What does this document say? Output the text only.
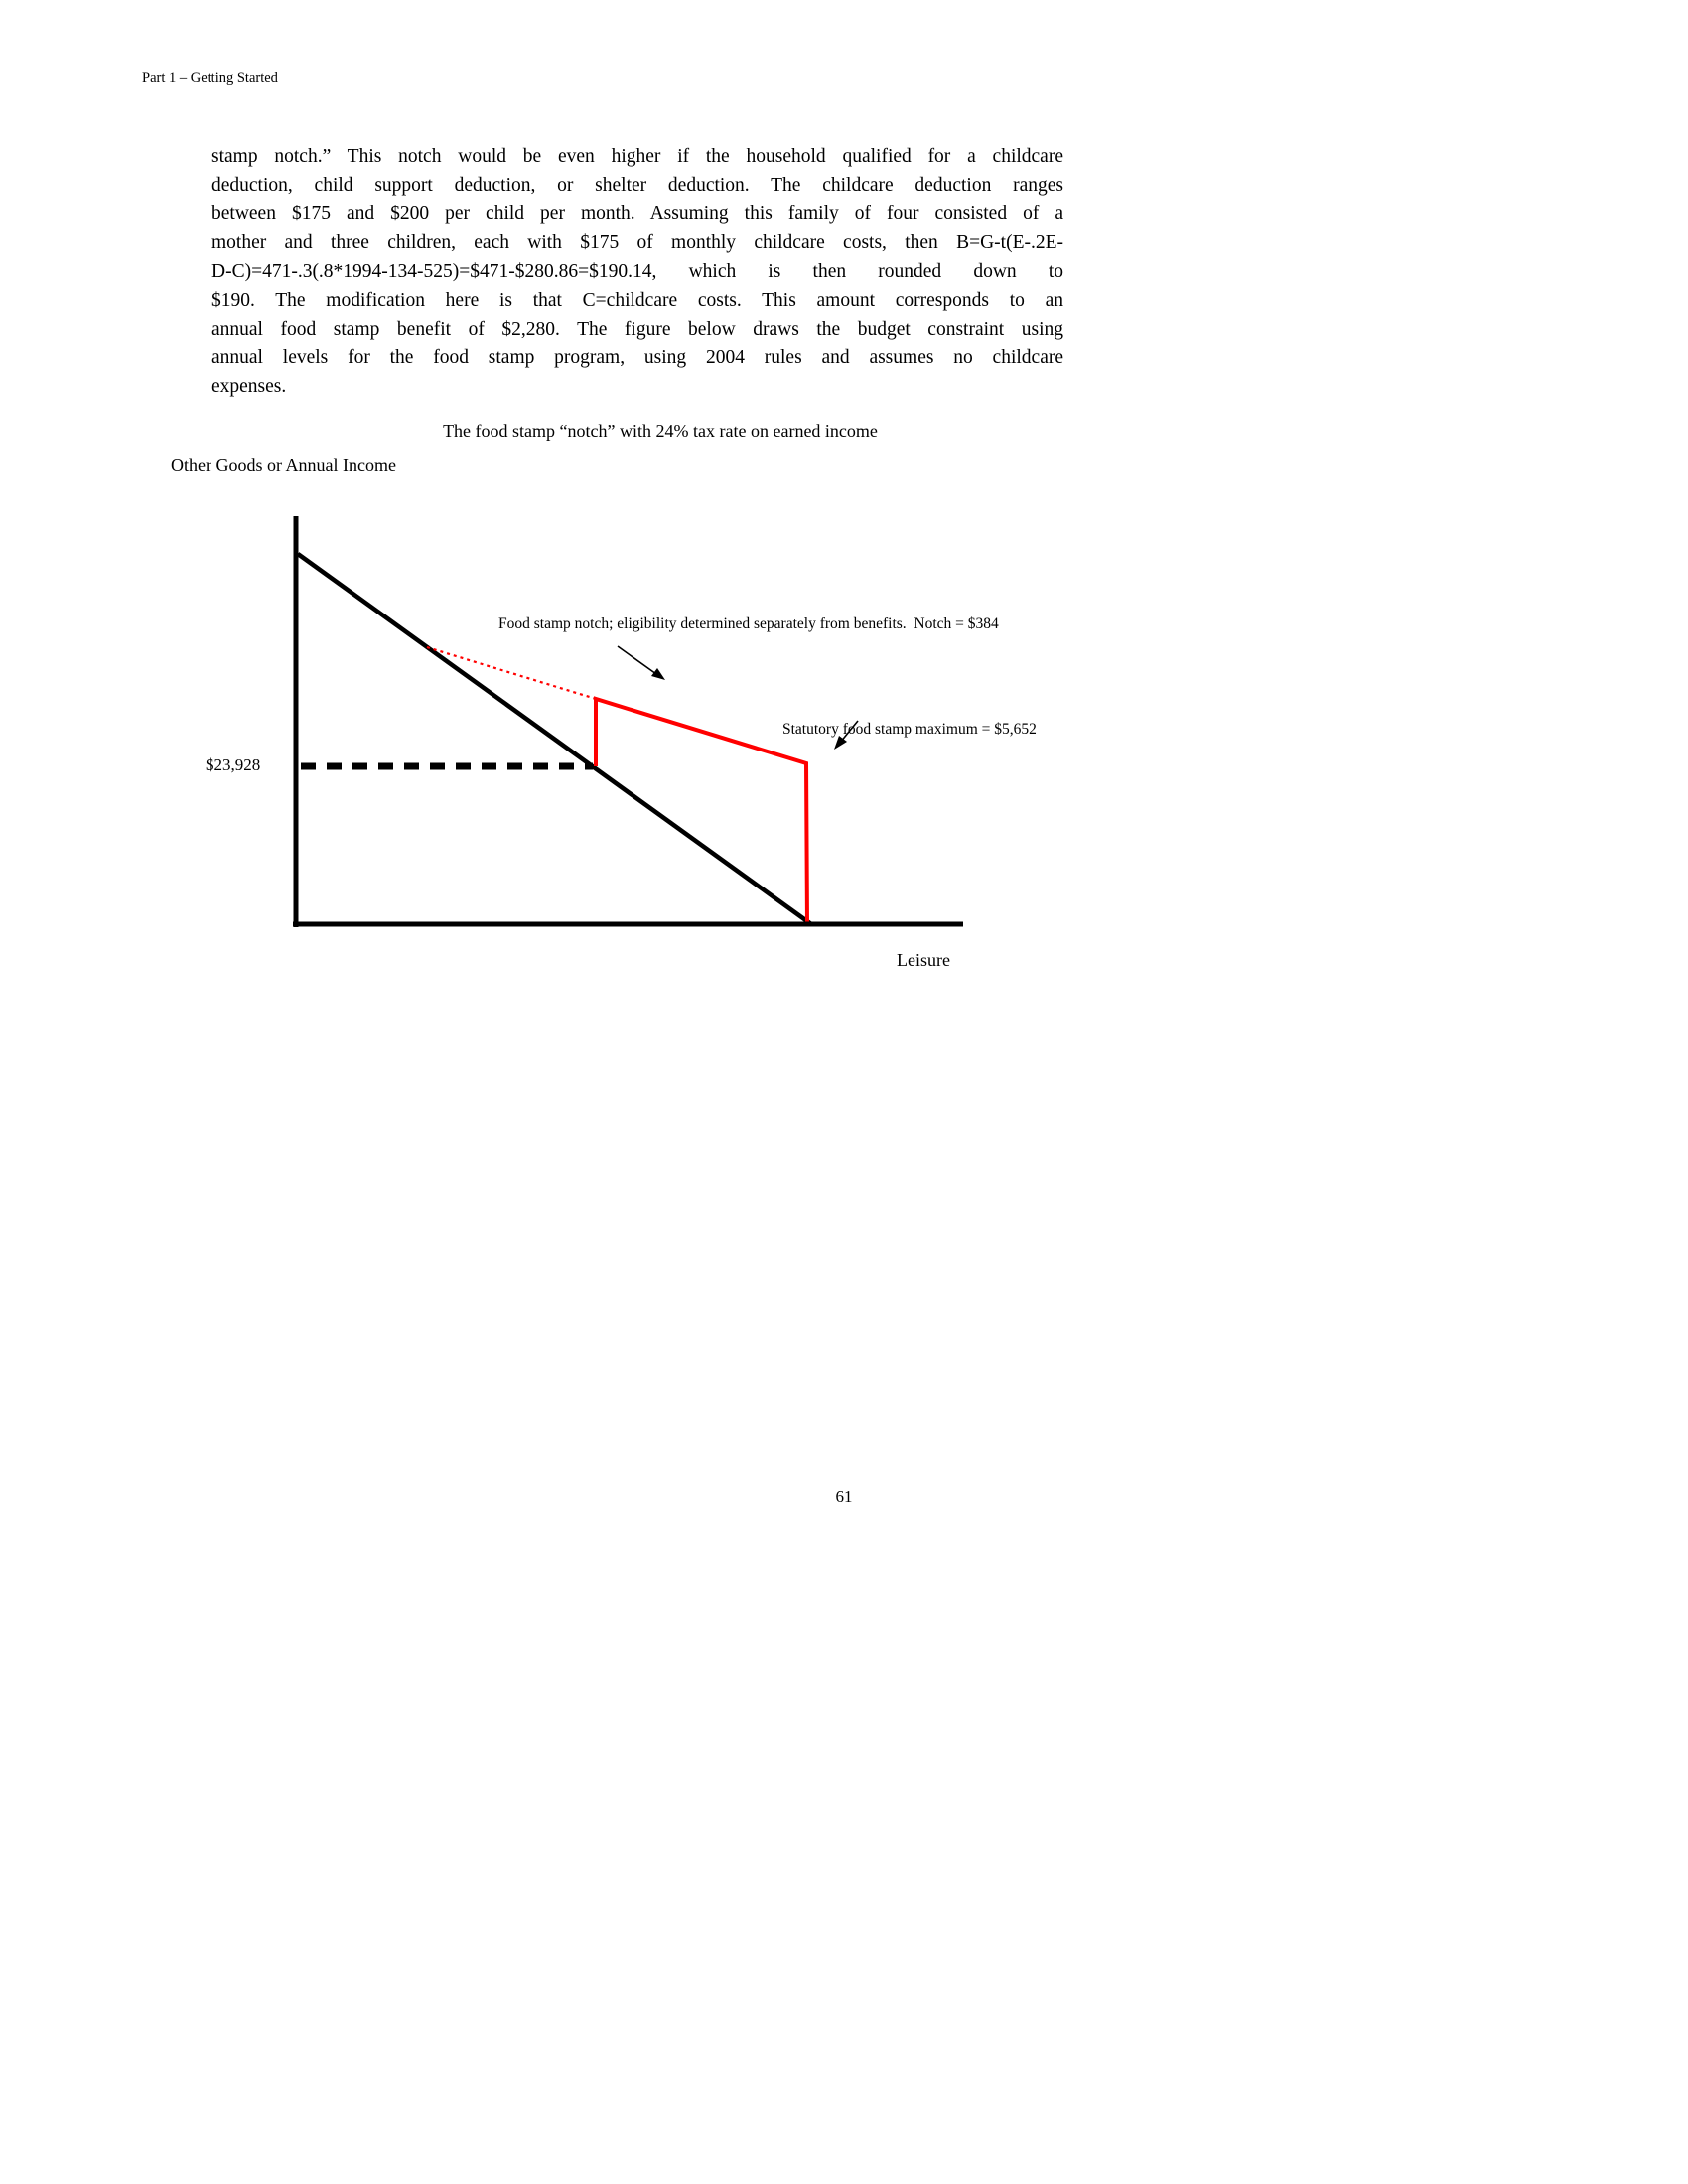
Part 1 – Getting Started
stamp notch.” This notch would be even higher if the household qualified for a childcare
deduction, child support deduction, or shelter deduction. The childcare deduction ranges
between $175 and $200 per child per month. Assuming this family of four consisted of a
mother and three children, each with $175 of monthly childcare costs, then B=G-t(E-.2E-
D-C)=471-.3(.8*1994-134-525)=$471-$280.86=$190.14, which is then rounded down to
$190. The modification here is that C=childcare costs. This amount corresponds to an
annual food stamp benefit of $2,280. The figure below draws the budget constraint using
annual levels for the food stamp program, using 2004 rules and assumes no childcare
expenses.
The food stamp “notch” with 24% tax rate on earned income
Other Goods or Annual Income
$23,928
Food stamp notch; eligibility determined separately from benefits.  Notch = $384
Statutory food stamp maximum = $5,652
Leisure
61
